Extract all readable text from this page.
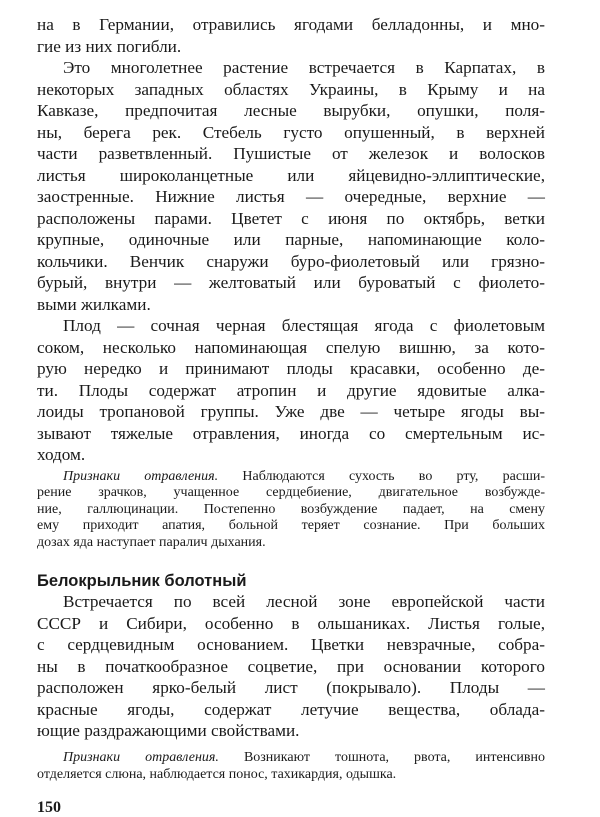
на в Германии, отравились ягодами белладонны, и мно-
гие из них погибли.

Это многолетнее растение встречается в Карпатах, в
некоторых западных областях Украины, в Крыму и на
Кавказе, предпочитая лесные вырубки, опушки, поля-
ны, берега рек. Стебель густо опушенный, в верхней
части разветвленный. Пушистые от железок и волосков
листья широколанцетные или яйцевидно-эллиптические,
заостренные. Нижние листья — очередные, верхние —
расположены парами. Цветет с июня по октябрь, ветки
крупные, одиночные или парные, напоминающие коло-
кольчики. Венчик снаружи буро-фиолетовый или грязно-
бурый, внутри — желтоватый или буроватый с фиолето-
выми жилками.

Плод — сочная черная блестящая ягода с фиолетовым
соком, несколько напоминающая спелую вишню, за кото-
рую нередко и принимают плоды красавки, особенно де-
ти. Плоды содержат атропин и другие ядовитые алка-
лоиды тропановой группы. Уже две — четыре ягоды вы-
зывают тяжелые отравления, иногда со смертельным ис-
ходом.

Признаки отравления. Наблюдаются сухость во рту, расши-
рение зрачков, учащенное сердцебиение, двигательное возбужде-
ние, галлюцинации. Постепенно возбуждение падает, на смену
ему приходит апатия, больной теряет сознание. При больших
дозах яда наступает паралич дыхания.

Белокрыльник болотный

Встречается по всей лесной зоне европейской части
СССР и Сибири, особенно в ольшаниках. Листья голые,
с сердцевидным основанием. Цветки невзрачные, собра-
ны в початкообразное соцветие, при основании которого
расположен ярко-белый лист (покрывало). Плоды —
красные ягоды, содержат летучие вещества, облада-
ющие раздражающими свойствами.

Признаки отравления. Возникают тошнота, рвота, интенсивно
отделяется слюна, наблюдается понос, тахикардия, одышка.

150
